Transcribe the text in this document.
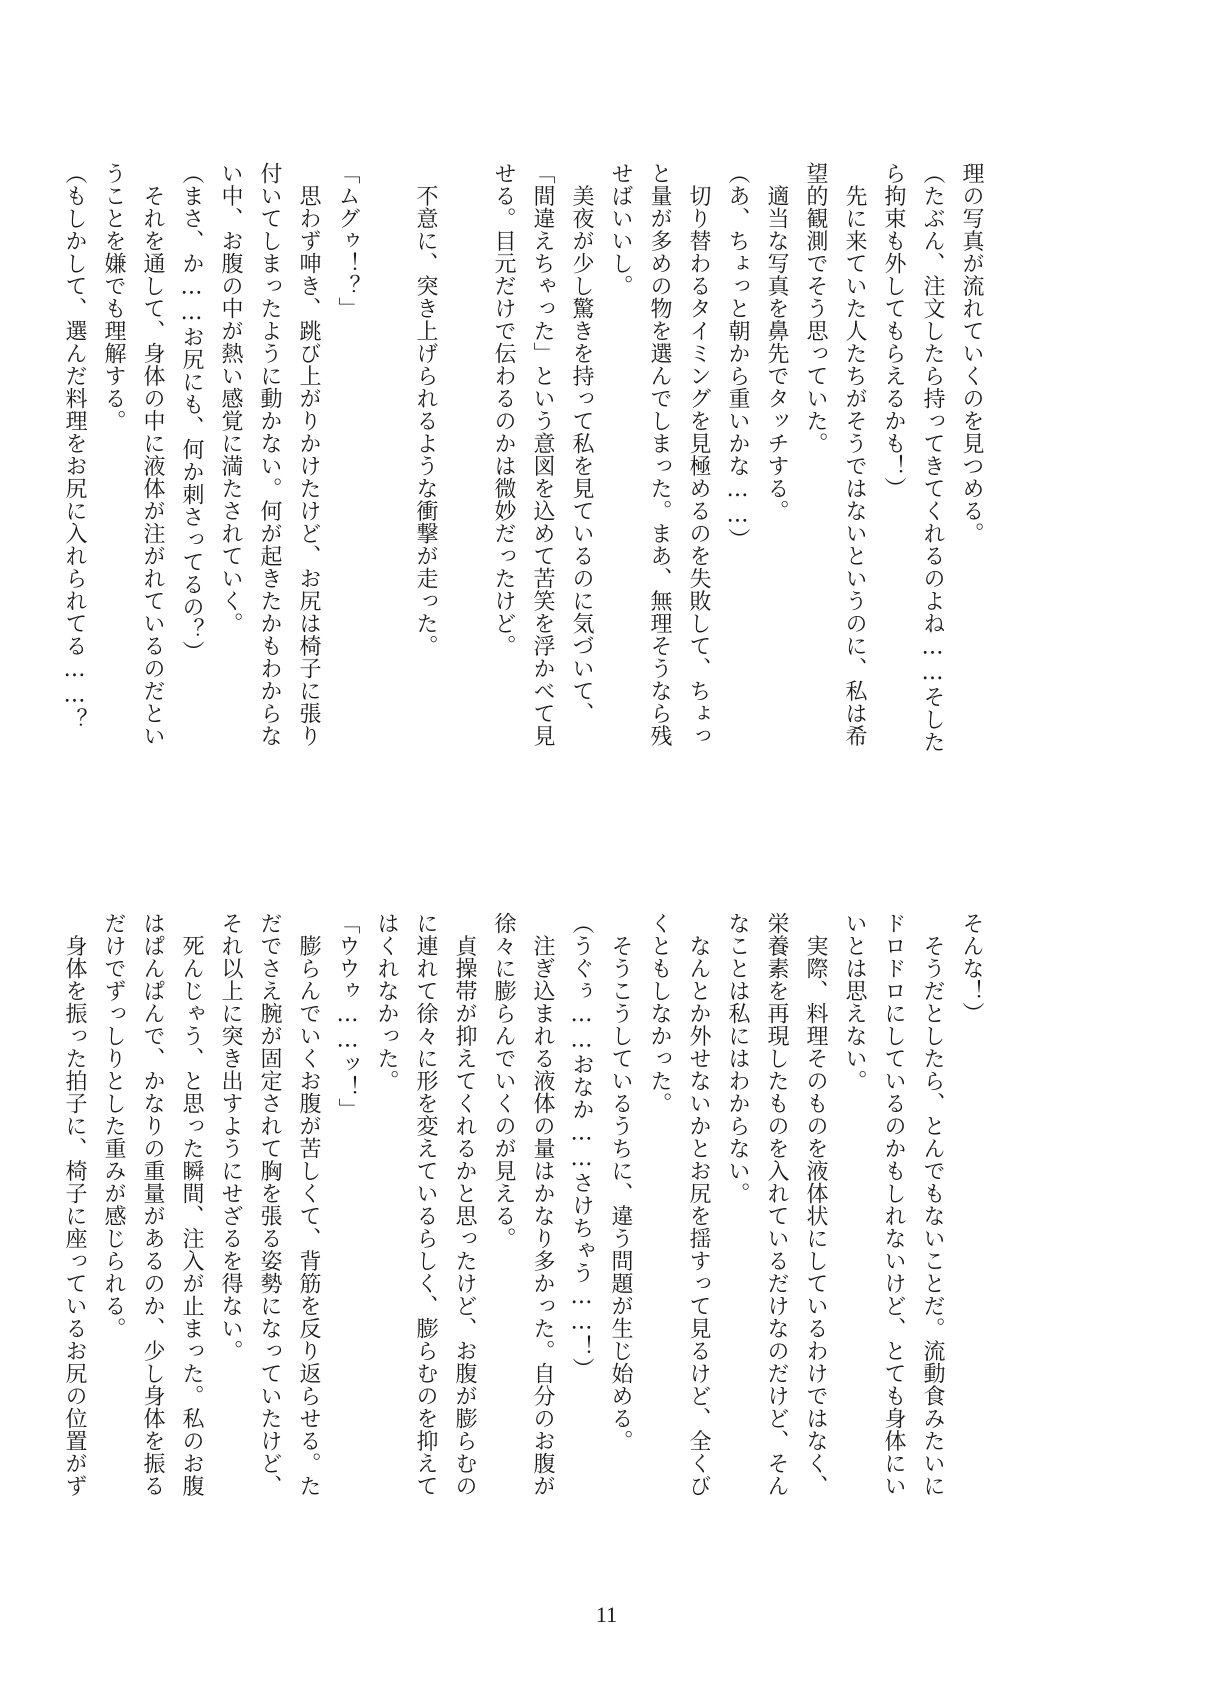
理の写真が流れていくのを見つめる。
（たぶん、注文したら持ってきてくれるのよね……そした
ら拘束も外してもらえるかも！）
　先に来ていた人たちがそうではないというのに、私は希
望的観測でそう思っていた。
　適当な写真を鼻先でタッチする。
（あ、ちょっと朝から重いかな……）
　切り替わるタイミングを見極めるのを失敗して、ちょっ
と量が多めの物を選んでしまった。まあ、無理そうなら残
せばいいし。
　美夜が少し驚きを持って私を見ているのに気づいて、
「間違えちゃった」という意図を込めて苦笑を浮かべて見
せる。目元だけで伝わるのかは微妙だったけど。

　不意に、突き上げられるような衝撃が走った。

「ムグゥ！？」
　思わず呻き、跳び上がりかけたけど、お尻は椅子に張り
付いてしまったように動かない。何が起きたかもわからな
い中、お腹の中が熱い感覚に満たされていく。
（まさ、か……お尻にも、何か刺さってるの？）
　それを通して、身体の中に液体が注がれているのだとい
うことを嫌でも理解する。
（もしかして、選んだ料理をお尻に入れられてる……？
そんな！）
　そうだとしたら、とんでもないことだ。流動食みたいに
ドロドロにしているのかもしれないけど、とても身体にい
いとは思えない。
　実際、料理そのものを液体状にしているわけではなく、
栄養素を再現したものを入れているだけなのだけど、そん
なことは私にはわからない。
　なんとか外せないかとお尻を揺すって見るけど、全くび
くともしなかった。
　そうこうしているうちに、違う問題が生じ始める。
（うぐぅ……おなか……さけちゃう……！）
　注ぎ込まれる液体の量はかなり多かった。自分のお腹が
徐々に膨らんでいくのが見える。
　貞操帯が抑えてくれるかと思ったけど、お腹が膨らむの
に連れて徐々に形を変えているらしく、膨らむのを抑えて
はくれなかった。
「ウウゥ……ッ！」
　膨らんでいくお腹が苦しくて、背筋を反り返らせる。た
だでさえ腕が固定されて胸を張る姿勢になっていたけど、
それ以上に突き出すようにせざるを得ない。
　死んじゃう、と思った瞬間、注入が止まった。私のお腹
はぱんぱんで、かなりの重量があるのか、少し身体を振る
だけでずっしりとした重みが感じられる。
　身体を振った拍子に、椅子に座っているお尻の位置がず
11
